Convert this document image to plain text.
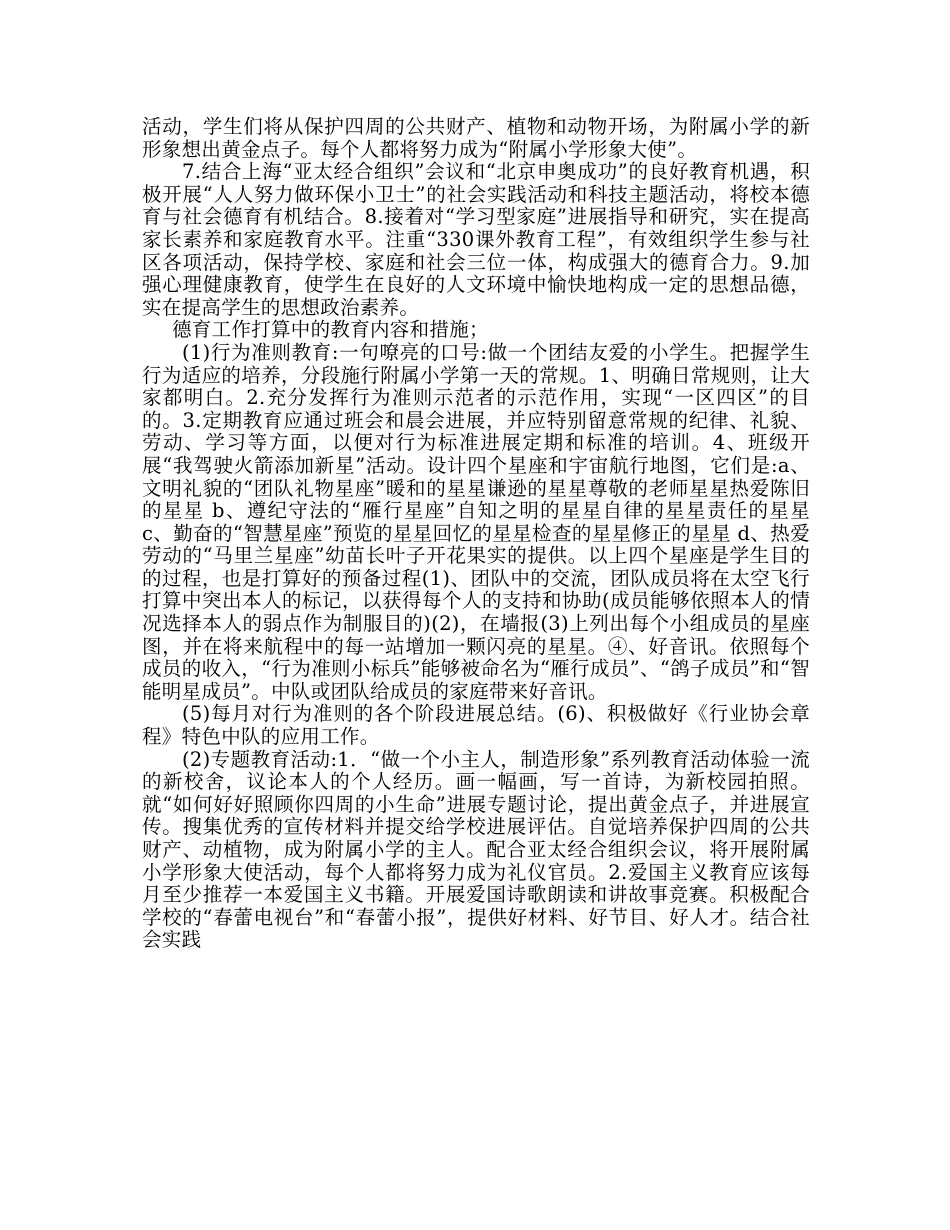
活动，学生们将从保护四周的公共财产、植物和动物开场，为附属小学的新形象想出黄金点子。每个人都将努力成为“附属小学形象大使”。

7.结合上海“亚太经合组织”会议和“北京申奥成功”的良好教育机遇，积极开展“人人努力做环保小卫士”的社会实践活动和科技主题活动，将校本德育与社会德育有机结合。8.接着对“学习型家庭”进展指导和研究，实在提高家长素养和家庭教育水平。注重“330课外教育工程”，有效组织学生参与社区各项活动，保持学校、家庭和社会三位一体，构成强大的德育合力。9.加强心理健康教育，使学生在良好的人文环境中愉快地构成一定的思想品德，实在提高学生的思想政治素养。

德育工作打算中的教育内容和措施；

(1)行为准则教育:一句嘹亮的口号:做一个团结友爱的小学生。把握学生行为适应的培养，分段施行附属小学第一天的常规。1、明确日常规则，让大家都明白。2.充分发挥行为准则示范者的示范作用，实现“一区四区”的目的。3.定期教育应通过班会和晨会进展，并应特别留意常规的纪律、礼貌、劳动、学习等方面，以便对行为标准进展定期和标准的培训。4、班级开展“我驾驶火箭添加新星”活动。设计四个星座和宇宙航行地图，它们是:a、文明礼貌的“团队礼物星座”暖和的星星谦逊的星星尊敬的老师星星热爱陈旧的星星 b、遵纪守法的“雁行星座”自知之明的星星自律的星星责任的星星 c、勤奋的“智慧星座”预览的星星回忆的星星检查的星星修正的星星 d、热爱劳动的“马里兰星座”幼苗长叶子开花果实的提供。以上四个星座是学生目的的过程，也是打算好的预备过程(1)、团队中的交流，团队成员将在太空飞行打算中突出本人的标记，以获得每个人的支持和协助(成员能够依照本人的情况选择本人的弱点作为制服目的)(2)，在墙报(3)上列出每个小组成员的星座图，并在将来航程中的每一站增加一颗闪亮的星星。④、好音讯。依照每个成员的收入，“行为准则小标兵”能够被命名为“雁行成员”、“鸽子成员”和“智能明星成员”。中队或团队给成员的家庭带来好音讯。

(5)每月对行为准则的各个阶段进展总结。(6)、积极做好《行业协会章程》特色中队的应用工作。

(2)专题教育活动:1．“做一个小主人，制造形象”系列教育活动体验一流的新校舍，议论本人的个人经历。画一幅画，写一首诗，为新校园拍照。就“如何好好照顾你四周的小生命”进展专题讨论，提出黄金点子，并进展宣传。搜集优秀的宣传材料并提交给学校进展评估。自觉培养保护四周的公共财产、动植物，成为附属小学的主人。配合亚太经合组织会议，将开展附属小学形象大使活动，每个人都将努力成为礼仪官员。2.爱国主义教育应该每月至少推荐一本爱国主义书籍。开展爱国诗歌朗读和讲故事竞赛。积极配合学校的“春蕾电视台”和“春蕾小报”，提供好材料、好节目、好人才。结合社会实践
